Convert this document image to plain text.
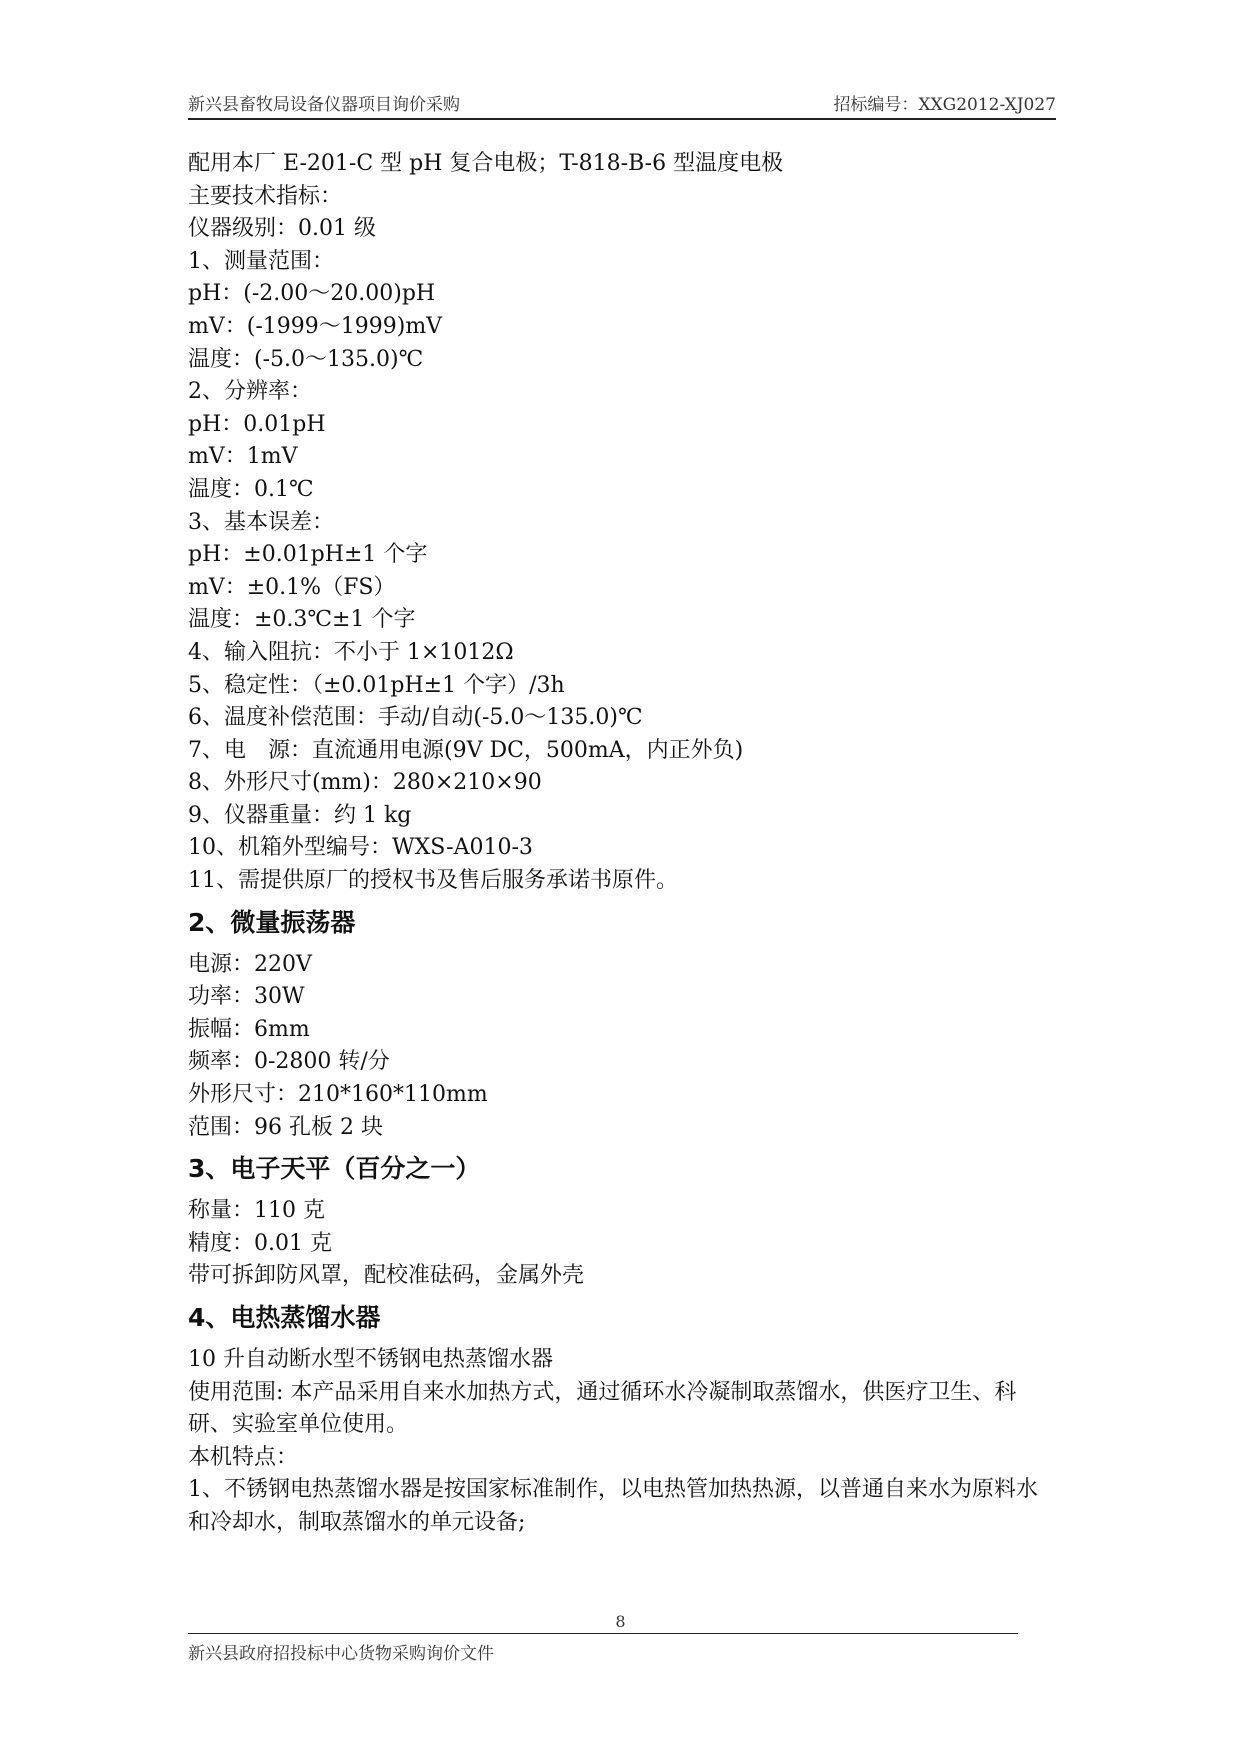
新兴县畜牧局设备仪器项目询价采购	招标编号：XXG2012-XJ027
配用本厂 E-201-C 型 pH 复合电极；T-818-B-6 型温度电极
主要技术指标：
仪器级别：0.01 级
1、测量范围：
pH：(-2.00～20.00)pH
mV：(-1999～1999)mV
温度：(-5.0～135.0)℃
2、分辨率：
pH：0.01pH
mV：1mV
温度：0.1℃
3、基本误差：
pH：±0.01pH±1 个字
mV：±0.1%（FS）
温度：±0.3℃±1 个字
4、输入阻抗：不小于 1×1012Ω
5、稳定性：（±0.01pH±1 个字）/3h
6、温度补偿范围：手动/自动(-5.0～135.0)℃
7、电　源：直流通用电源(9V DC，500mA，内正外负)
8、外形尺寸(mm)：280×210×90
9、仪器重量：约 1 kg
10、机箱外型编号：WXS-A010-3
11、需提供原厂的授权书及售后服务承诺书原件。
2、微量振荡器
电源：220V
功率：30W
振幅：6mm
频率：0-2800 转/分
外形尺寸：210*160*110mm
范围：96 孔板 2 块
3、电子天平（百分之一）
称量：110 克
精度：0.01 克
带可拆卸防风罩，配校准砝码，金属外壳
4、电热蒸馏水器
10 升自动断水型不锈钢电热蒸馏水器
使用范围: 本产品采用自来水加热方式，通过循环水冷凝制取蒸馏水，供医疗卫生、科研、实验室单位使用。
本机特点：
1、不锈钢电热蒸馏水器是按国家标准制作，以电热管加热热源，以普通自来水为原料水和冷却水，制取蒸馏水的单元设备;
8
新兴县政府招投标中心货物采购询价文件
